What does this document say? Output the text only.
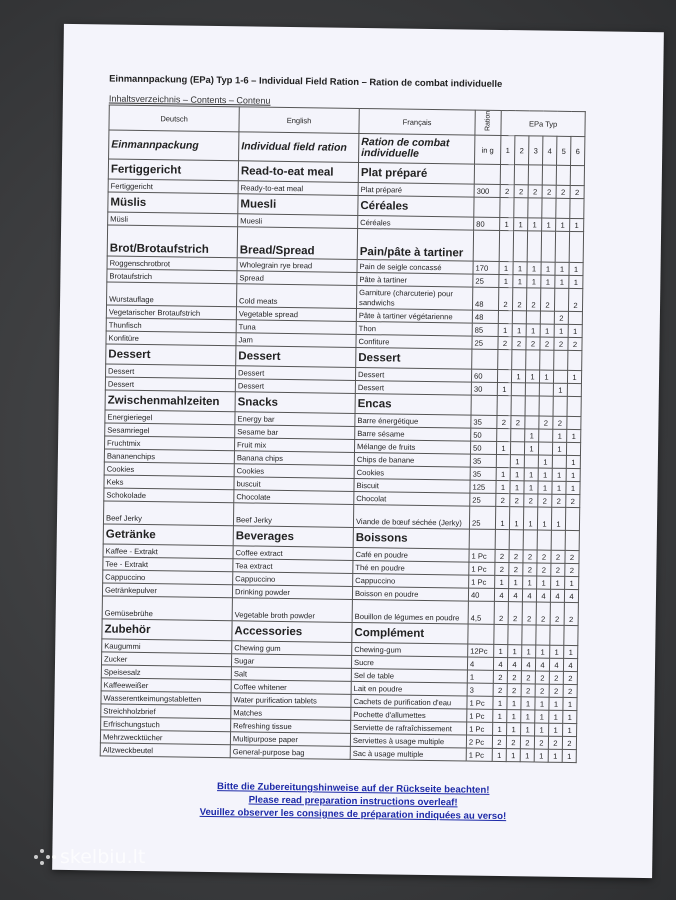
Einmannpackung (EPa) Typ 1-6 – Individual Field Ration – Ration de combat individuelle
Inhaltsverzeichnis – Contents – Contenu
Deutsch	English	Français	Ration	EPa Typ					
Einmannpackung	Individual field ration	Ration de combat individuelle	in g	1	2	3	4	5	6
Fertiggericht	Read-to-eat meal	Plat préparé							
Fertiggericht	Ready-to-eat meal	Plat préparé	300	2	2	2	2	2	2
Müslis	Muesli	Céréales							
Müsli	Muesli	Céréales	80	1	1	1	1	1	1
Brot/Brotaufstrich	Bread/Spread	Pain/pâte à tartiner							
Roggenschrotbrot	Wholegrain rye bread	Pain de seigle concassé	170	1	1	1	1	1	1
Brotaufstrich	Spread	Pâte à tartiner	25	1	1	1	1	1	1
Wurstauflage	Cold meats	Garniture (charcuterie) pour sandwichs	48	2	2	2	2		2
Vegetarischer Brotaufstrich	Vegetable spread	Pâte à tartiner végétarienne	48					2	
Thunfisch	Tuna	Thon	85	1	1	1	1	1	1
Konfitüre	Jam	Confiture	25	2	2	2	2	2	2
Dessert	Dessert	Dessert							
Dessert	Dessert	Dessert	60		1	1	1		1
Dessert	Dessert	Dessert	30	1				1	
Zwischenmahlzeiten	Snacks	Encas							
Energieriegel	Energy bar	Barre énergétique	35	2	2		2	2	
Sesamriegel	Sesame bar	Barre sésame	50			1		1	1
Fruchtmix	Fruit mix	Mélange de fruits	50	1		1		1	
Bananenchips	Banana chips	Chips de banane	35		1		1		1
Cookies	Cookies	Cookies	35	1	1	1	1	1	1
Keks	buscuit	Biscuit	125	1	1	1	1	1	1
Schokolade	Chocolate	Chocolat	25	2	2	2	2	2	2
Beef Jerky	Beef Jerky	Viande de bœuf séchée (Jerky)	25	1	1	1	1	1	
Getränke	Beverages	Boissons							
Kaffee - Extrakt	Coffee extract	Café en poudre	1 Pc	2	2	2	2	2	2
Tee - Extrakt	Tea extract	Thé en poudre	1 Pc	2	2	2	2	2	2
Cappuccino	Cappuccino	Cappuccino	1 Pc	1	1	1	1	1	1
Getränkepulver	Drinking powder	Boisson en poudre	40	4	4	4	4	4	4
Gemüsebrühe	Vegetable broth powder	Bouillon de légumes en poudre	4,5	2	2	2	2	2	2
Zubehör	Accessories	Complément							
Kaugummi	Chewing gum	Chewing-gum	12Pc	1	1	1	1	1	1
Zucker	Sugar	Sucre	4	4	4	4	4	4	4
Speisesalz	Salt	Sel de table	1	2	2	2	2	2	2
Kaffeeweißer	Coffee whitener	Lait en poudre	3	2	2	2	2	2	2
Wasserentkeimungstabletten	Water purification tablets	Cachets de purification d'eau	1 Pc	1	1	1	1	1	1
Streichholzbrief	Matches	Pochette d'allumettes	1 Pc	1	1	1	1	1	1
Erfrischungstuch	Refreshing tissue	Serviette de rafraîchissement	1 Pc	1	1	1	1	1	1
Mehrzwecktücher	Multipurpose paper	Serviettes à usage multiple	2 Pc	2	2	2	2	2	2
Allzweckbeutel	General-purpose bag	Sac à usage multiple	1 Pc	1	1	1	1	1	1
Bitte die Zubereitungshinweise auf der Rückseite beachten!
Please read preparation instructions overleaf!
Veuillez observer les consignes de préparation indiquées au verso!
skelbiu.lt
